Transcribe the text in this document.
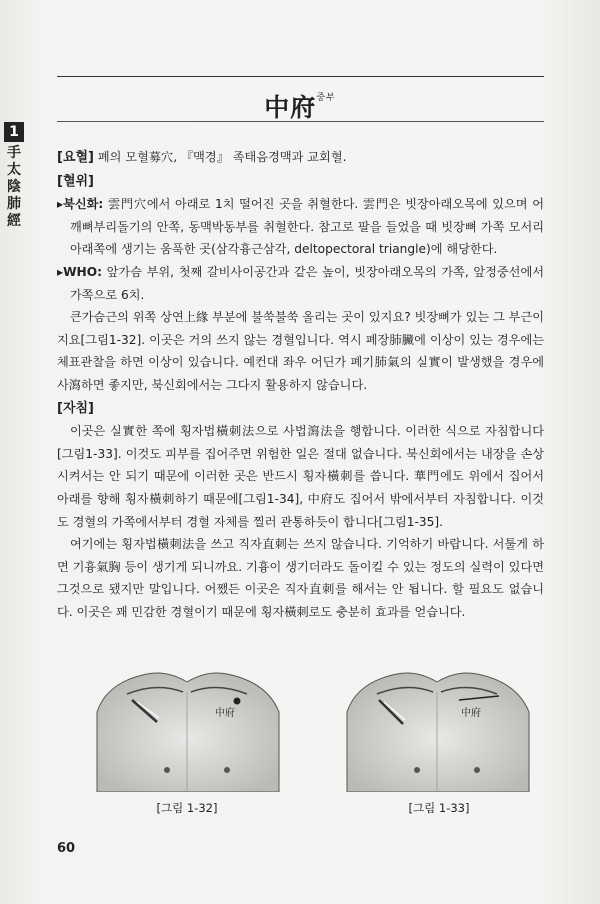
1
手
太
陰
肺
經
中府$^{중부}$

[요혈] 폐의 모혈募穴, 『맥경』 족태음경맥과 교회혈.

[혈위]

▸북신화: 雲門穴에서 아래로 1치 떨어진 곳을 취혈한다. 雲門은 빗장아래오목에 있으며 어깨뼈부리돌기의 안쪽, 동맥박동부를 취혈한다. 참고로 팔을 들었을 때 빗장뼈 가쪽 모서리 아래쪽에 생기는 움푹한 곳(삼각흉근삼각, deltopectoral triangle)에 해당한다.

▸WHO: 앞가슴 부위, 첫째 갈비사이공간과 같은 높이, 빗장아래오목의 가쪽, 앞정중선에서 가쪽으로 6치.

큰가슴근의 위쪽 상연上緣 부분에 불쑥불쑥 올리는 곳이 있지요? 빗장뼈가 있는 그 부근이지요[그림1-32]. 이곳은 거의 쓰지 않는 경혈입니다. 역시 폐장肺臟에 이상이 있는 경우에는 체표관찰을 하면 이상이 있습니다. 예컨대 좌우 어딘가 폐기肺氣의 실實이 발생했을 경우에 사瀉하면 좋지만, 북신회에서는 그다지 활용하지 않습니다.

[자침]

이곳은 실實한 쪽에 횡자법橫刺法으로 사법瀉法을 행합니다. 이러한 식으로 자침합니다[그림1-33]. 이것도 피부를 집어주면 위험한 일은 절대 없습니다. 북신회에서는 내장을 손상시켜서는 안 되기 때문에 이러한 곳은 반드시 횡자橫刺를 씁니다. 華門에도 위에서 집어서 아래를 향해 횡자橫刺하기 때문에[그림1-34], 中府도 집어서 밖에서부터 자침합니다. 이것도 경혈의 가쪽에서부터 경혈 자체를 찔러 관통하듯이 합니다[그림1-35].

여기에는 횡자법橫刺法을 쓰고 직자直刺는 쓰지 않습니다. 기억하기 바랍니다. 서툴게 하면 기흉氣胸 등이 생기게 되니까요. 기흉이 생기더라도 돌이킬 수 있는 정도의 실력이 있다면 그것으로 됐지만 말입니다. 어쨌든 이곳은 직자直刺를 해서는 안 됩니다. 할 필요도 없습니다. 이곳은 꽤 민감한 경혈이기 때문에 횡자橫刺로도 충분히 효과를 얻습니다.

中府	中府
[그림 1-32]	[그림 1-33]
60
